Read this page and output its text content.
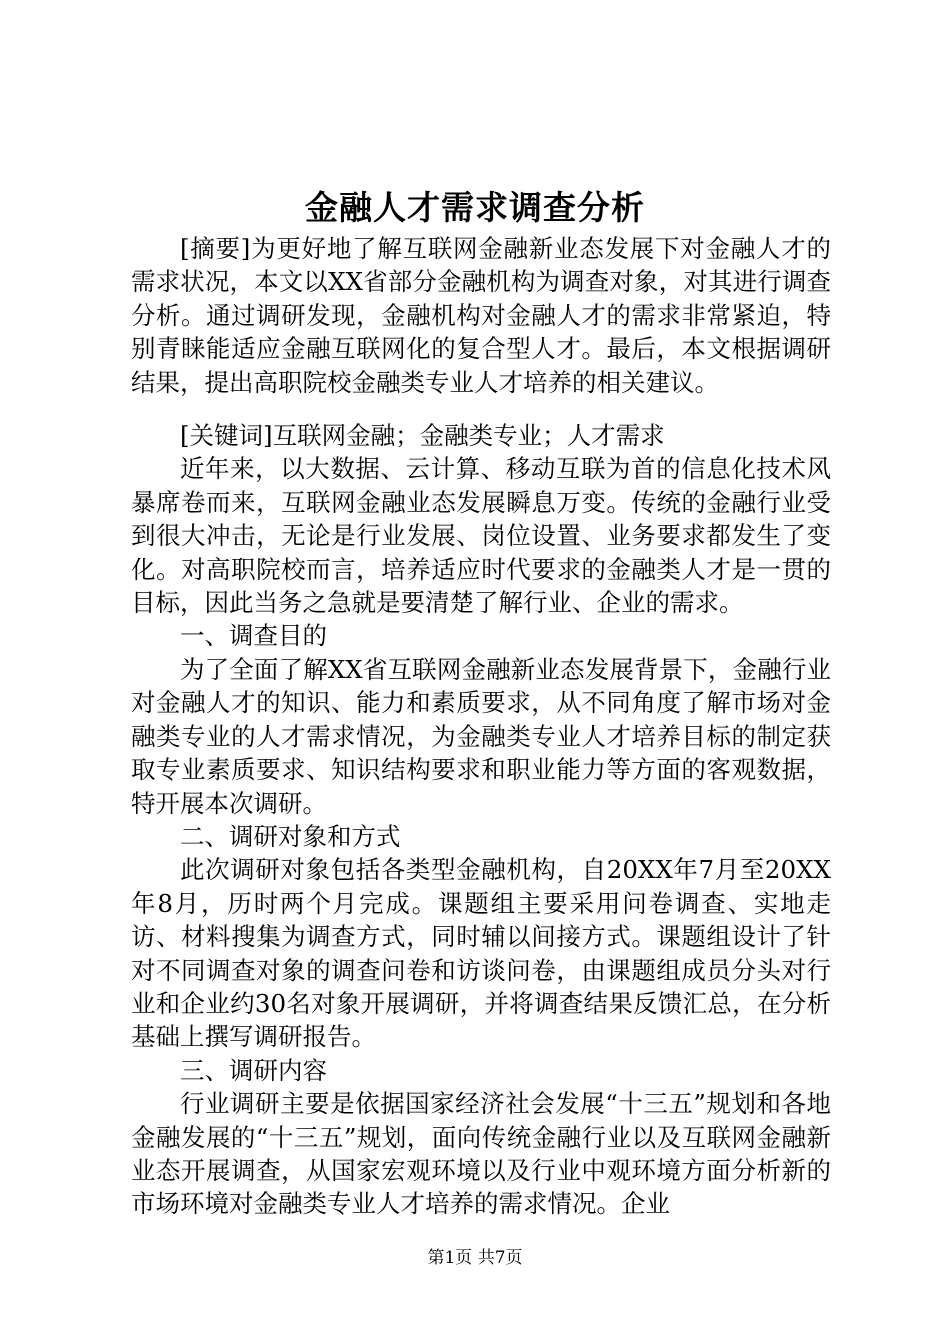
金融人才需求调查分析

[摘要]为更好地了解互联网金融新业态发展下对金融人才的需求状况，本文以XX省部分金融机构为调查对象，对其进行调查分析。通过调研发现，金融机构对金融人才的需求非常紧迫，特别青睐能适应金融互联网化的复合型人才。最后，本文根据调研结果，提出高职院校金融类专业人才培养的相关建议。

[关键词]互联网金融；金融类专业；人才需求

近年来，以大数据、云计算、移动互联为首的信息化技术风暴席卷而来，互联网金融业态发展瞬息万变。传统的金融行业受到很大冲击，无论是行业发展、岗位设置、业务要求都发生了变化。对高职院校而言，培养适应时代要求的金融类人才是一贯的目标，因此当务之急就是要清楚了解行业、企业的需求。

一、调查目的

为了全面了解XX省互联网金融新业态发展背景下，金融行业对金融人才的知识、能力和素质要求，从不同角度了解市场对金融类专业的人才需求情况，为金融类专业人才培养目标的制定获取专业素质要求、知识结构要求和职业能力等方面的客观数据，特开展本次调研。

二、调研对象和方式

此次调研对象包括各类型金融机构，自20XX年7月至20XX年8月，历时两个月完成。课题组主要采用问卷调查、实地走访、材料搜集为调查方式，同时辅以间接方式。课题组设计了针对不同调查对象的调查问卷和访谈问卷，由课题组成员分头对行业和企业约30名对象开展调研，并将调查结果反馈汇总，在分析基础上撰写调研报告。

三、调研内容

行业调研主要是依据国家经济社会发展“十三五”规划和各地金融发展的“十三五”规划，面向传统金融行业以及互联网金融新业态开展调查，从国家宏观环境以及行业中观环境方面分析新的市场环境对金融类专业人才培养的需求情况。企业

第1页 共7页
